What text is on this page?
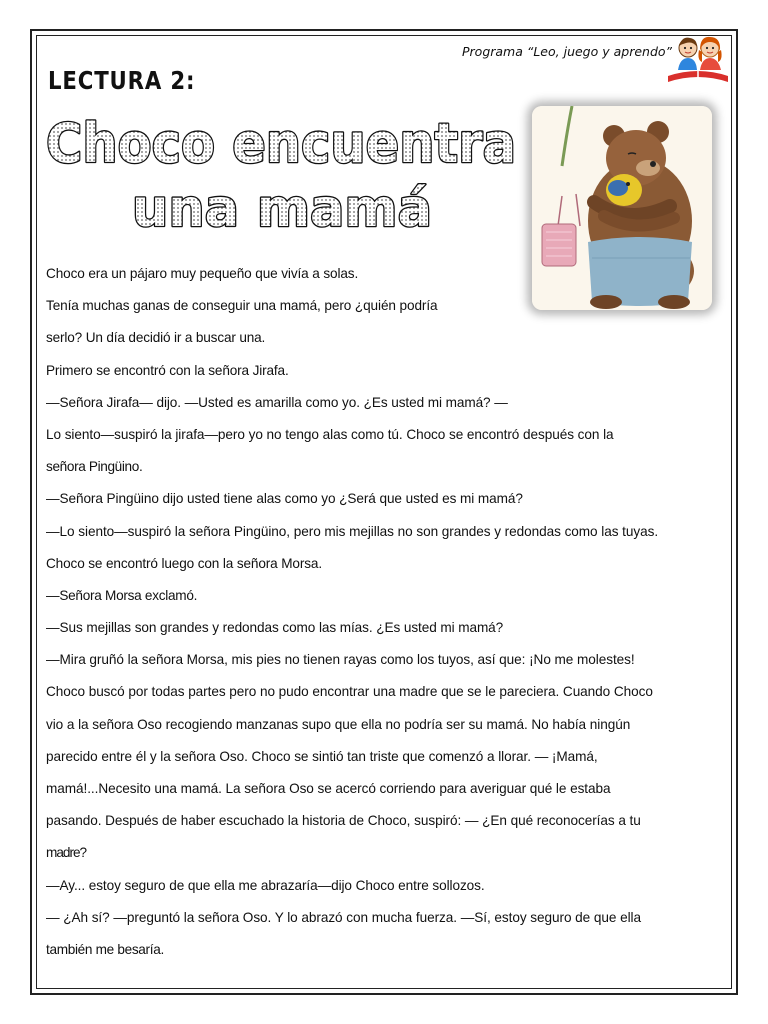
Programa “Leo, juego y aprendo”
LECTURA 2:
Choco encuentra
una mamá
Choco era un pájaro muy pequeño que vivía a solas.
Tenía muchas ganas de conseguir una mamá, pero ¿quién podría
serlo? Un día decidió ir a buscar una.
Primero se encontró con la señora Jirafa.
—Señora Jirafa— dijo. —Usted es amarilla como yo. ¿Es usted mi mamá? —
Lo siento—suspiró la jirafa—pero yo no tengo alas como tú. Choco se encontró después con la
señora Pingüino.
—Señora Pingüino dijo usted tiene alas como yo ¿Será que usted es mi mamá?
—Lo siento—suspiró la señora Pingüino, pero mis mejillas no son grandes y redondas como las tuyas.
Choco se encontró luego con la señora Morsa.
—Señora Morsa exclamó.
—Sus mejillas son grandes y redondas como las mías. ¿Es usted mi mamá?
—Mira gruñó la señora Morsa, mis pies no tienen rayas como los tuyos, así que: ¡No me molestes!
Choco buscó por todas partes pero no pudo encontrar una madre que se le pareciera. Cuando Choco
vio a la señora Oso recogiendo manzanas supo que ella no podría ser su mamá. No había ningún
parecido entre él y la señora Oso. Choco se sintió tan triste que comenzó a llorar. — ¡Mamá,
mamá!...Necesito una mamá. La señora Oso se acercó corriendo para averiguar qué le estaba
pasando. Después de haber escuchado la historia de Choco, suspiró: — ¿En qué reconocerías a tu
madre?
—Ay... estoy seguro de que ella me abrazaría—dijo Choco entre sollozos.
— ¿Ah sí? —preguntó la señora Oso. Y lo abrazó con mucha fuerza. —Sí, estoy seguro de que ella
también me besaría.
